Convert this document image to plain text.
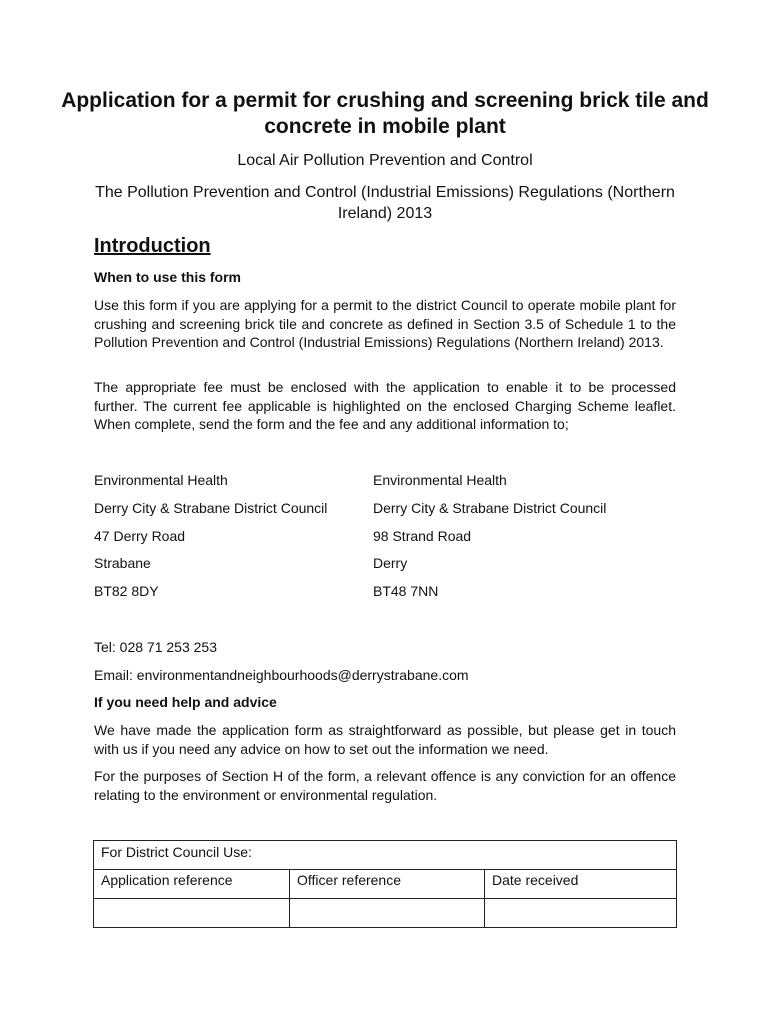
Application for a permit for crushing and screening brick tile and concrete in mobile plant
Local Air Pollution Prevention and Control
The Pollution Prevention and Control (Industrial Emissions) Regulations (Northern Ireland) 2013
Introduction
When to use this form
Use this form if you are applying for a permit to the district Council to operate mobile plant for crushing and screening brick tile and concrete as defined in Section 3.5 of Schedule 1 to the Pollution Prevention and Control (Industrial Emissions) Regulations (Northern Ireland) 2013.
The appropriate fee must be enclosed with the application to enable it to be processed further. The current fee applicable is highlighted on the enclosed Charging Scheme leaflet. When complete, send the form and the fee and any additional information to;
Environmental Health
Derry City & Strabane District Council
47 Derry Road
Strabane
BT82 8DY
Environmental Health
Derry City & Strabane District Council
98 Strand Road
Derry
BT48 7NN
Tel: 028 71 253 253
Email: environmentandneighbourhoods@derrystrabane.com
If you need help and advice
We have made the application form as straightforward as possible, but please get in touch with us if you need any advice on how to set out the information we need.
For the purposes of Section H of the form, a relevant offence is any conviction for an offence relating to the environment or environmental regulation.
For District Council Use:		
Application reference	Officer reference	Date received
